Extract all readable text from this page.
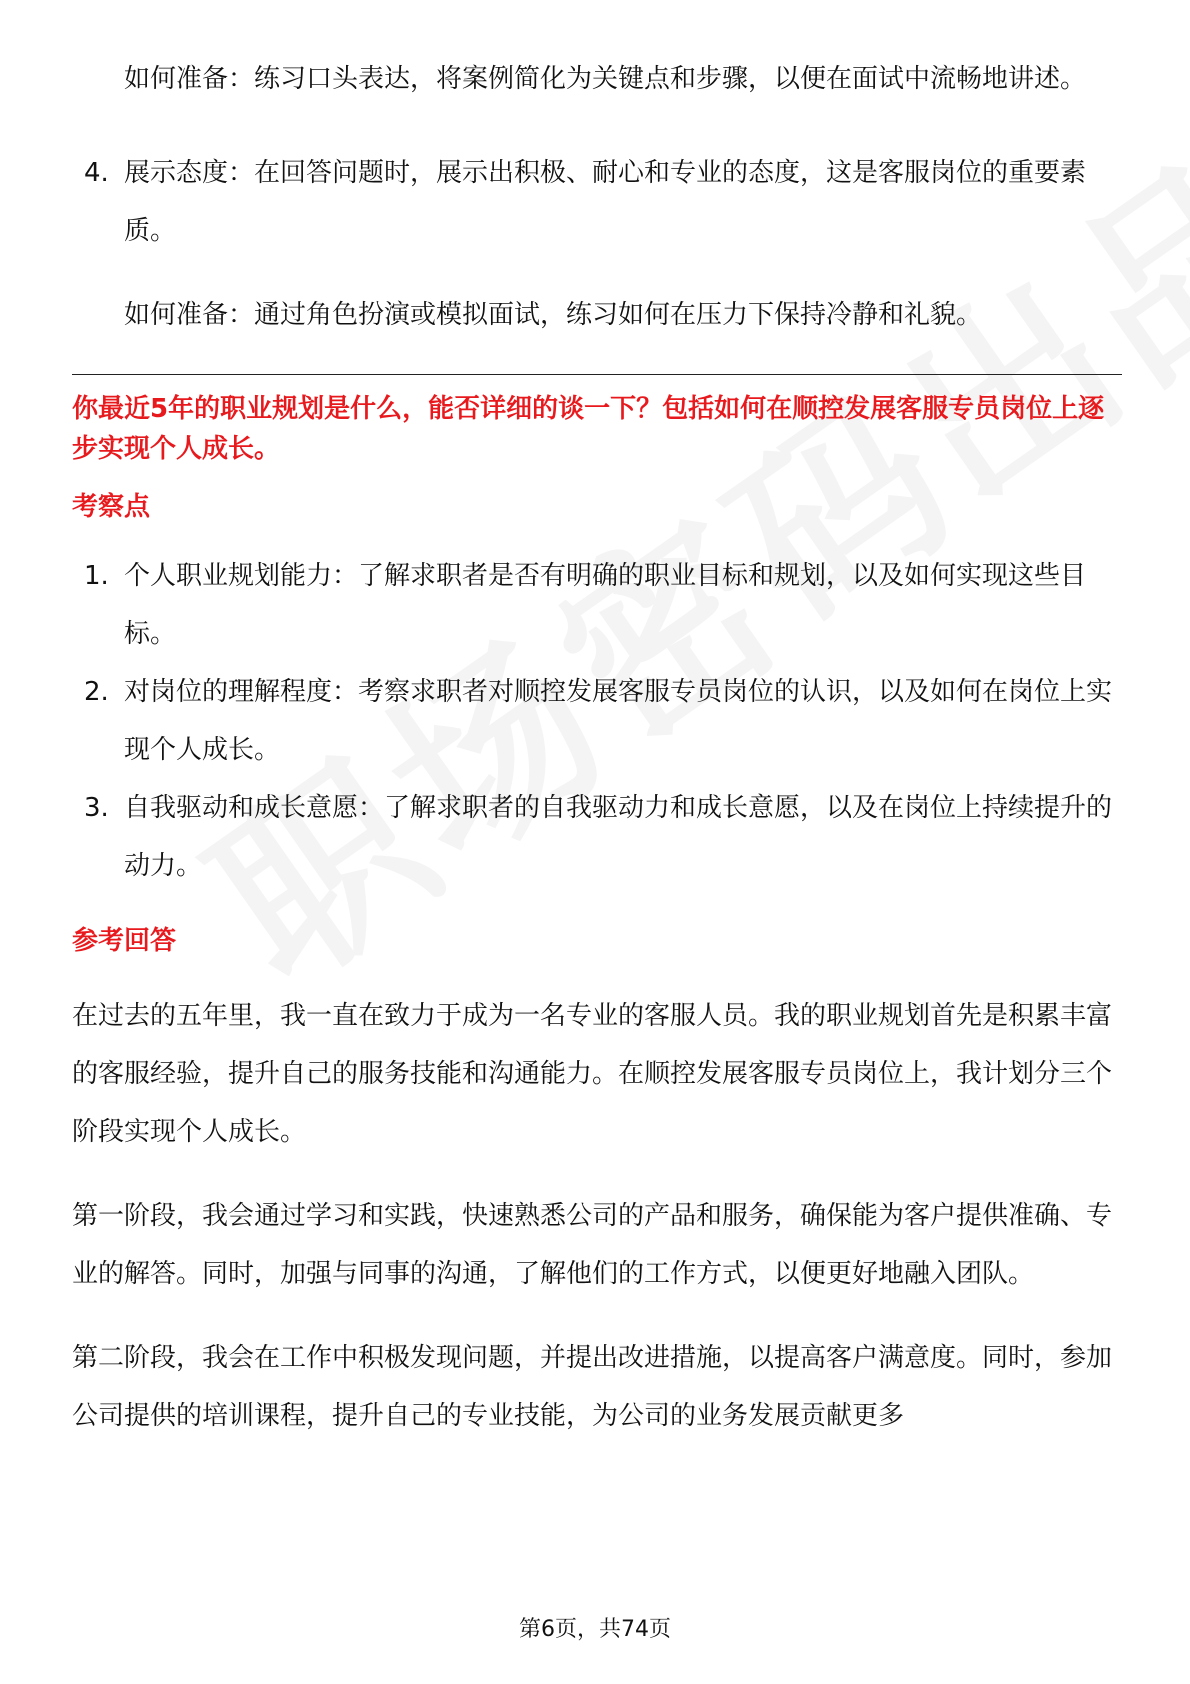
如何准备：练习口头表达，将案例简化为关键点和步骤，以便在面试中流畅地讲述。

4. 展示态度：在回答问题时，展示出积极、耐心和专业的态度，这是客服岗位的重要素质。

如何准备：通过角色扮演或模拟面试，练习如何在压力下保持冷静和礼貌。

你最近5年的职业规划是什么，能否详细的谈一下？包括如何在顺控发展客服专员岗位上逐步实现个人成长。

考察点

1. 个人职业规划能力：了解求职者是否有明确的职业目标和规划，以及如何实现这些目标。
2. 对岗位的理解程度：考察求职者对顺控发展客服专员岗位的认识，以及如何在岗位上实现个人成长。
3. 自我驱动和成长意愿：了解求职者的自我驱动力和成长意愿，以及在岗位上持续提升的动力。

参考回答

在过去的五年里，我一直在致力于成为一名专业的客服人员。我的职业规划首先是积累丰富的客服经验，提升自己的服务技能和沟通能力。在顺控发展客服专员岗位上，我计划分三个阶段实现个人成长。

第一阶段，我会通过学习和实践，快速熟悉公司的产品和服务，确保能为客户提供准确、专业的解答。同时，加强与同事的沟通，了解他们的工作方式，以便更好地融入团队。

第二阶段，我会在工作中积极发现问题，并提出改进措施，以提高客户满意度。同时，参加公司提供的培训课程，提升自己的专业技能，为公司的业务发展贡献更多

第6页，共74页
